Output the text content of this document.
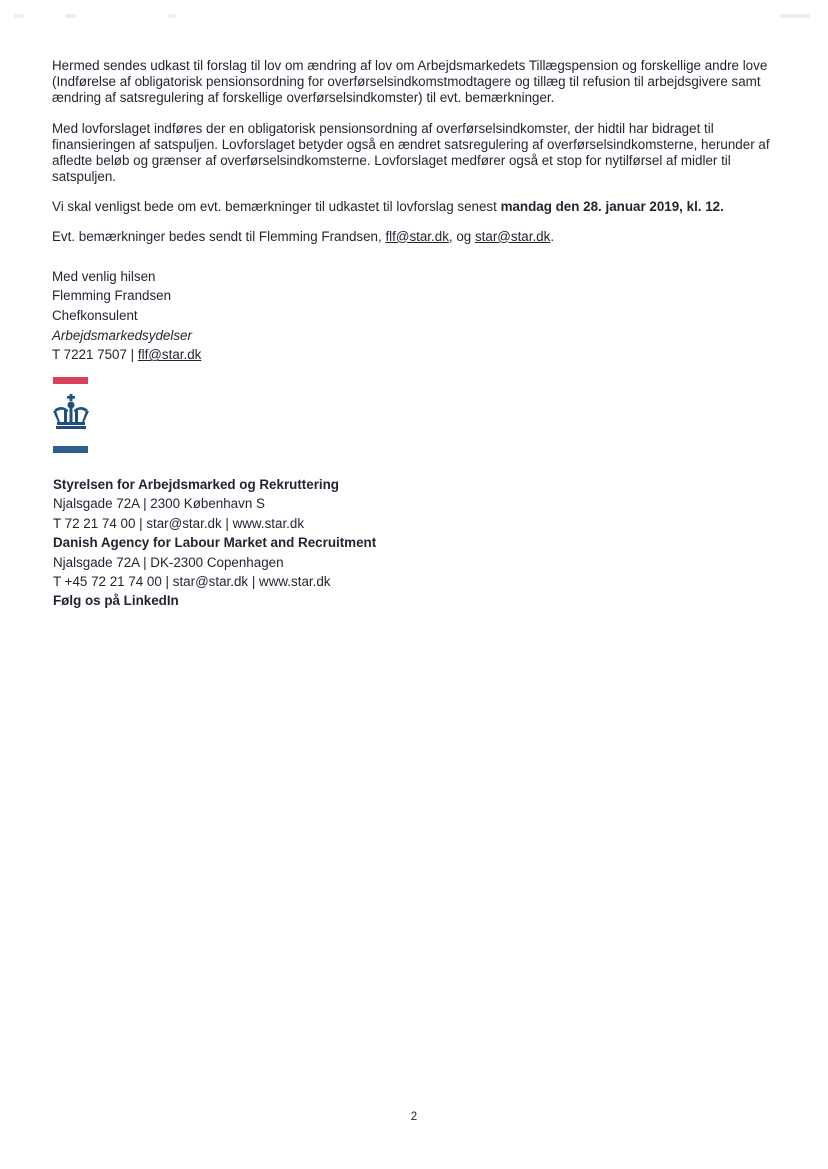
Hermed sendes udkast til forslag til lov om ændring af lov om Arbejdsmarkedets Tillægspension og forskellige andre love (Indførelse af obligatorisk pensionsordning for overførselsindkomstmodtagere og tillæg til refusion til arbejdsgivere samt ændring af satsregulering af forskellige overførselsindkomster) til evt. bemærkninger.

Med lovforslaget indføres der en obligatorisk pensionsordning af overførselsindkomster, der hidtil har bidraget til finansieringen af satspuljen. Lovforslaget betyder også en ændret satsregulering af overførselsindkomsterne, herunder af afledte beløb og grænser af overførselsindkomsterne. Lovforslaget medfører også et stop for nytilførsel af midler til satspuljen.

Vi skal venligst bede om evt. bemærkninger til udkastet til lovforslag senest mandag den 28. januar 2019, kl. 12.

Evt. bemærkninger bedes sendt til Flemming Frandsen, flf@star.dk, og star@star.dk.

Med venlig hilsen
Flemming Frandsen
Chefkonsulent
Arbejdsmarkedsydelser
T 7221 7507 | flf@star.dk
Styrelsen for Arbejdsmarked og Rekruttering
Njalsgade 72A | 2300 København S
T 72 21 74 00 | star@star.dk | www.star.dk
Danish Agency for Labour Market and Recruitment
Njalsgade 72A | DK-2300 Copenhagen
T +45 72 21 74 00 | star@star.dk | www.star.dk
Følg os på LinkedIn
2
